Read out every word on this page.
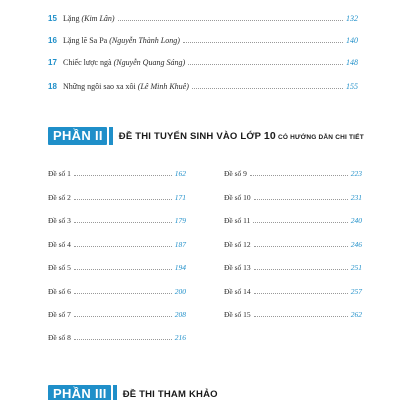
15 Lặng (Kim Lân)	132
16 Lặng lẽ Sa Pa (Nguyễn Thành Long)	140
17 Chiếc lược ngà (Nguyễn Quang Sáng)	148
18 Những ngôi sao xa xôi (Lê Minh Khuê)	155
PHẦN II	ĐỀ THI TUYỂN SINH VÀO LỚP 10 CÓ HƯỚNG DẪN CHI TIẾT
Đề số 1	162
Đề số 2	171
Đề số 3	179
Đề số 4	187
Đề số 5	194
Đề số 6	200
Đề số 7	208
Đề số 8	216
Đề số 9	223
Đề số 10	231
Đề số 11	240
Đề số 12	246
Đề số 13	251
Đề số 14	257
Đề số 15	262
PHẦN III	ĐỀ THI THAM KHẢO
